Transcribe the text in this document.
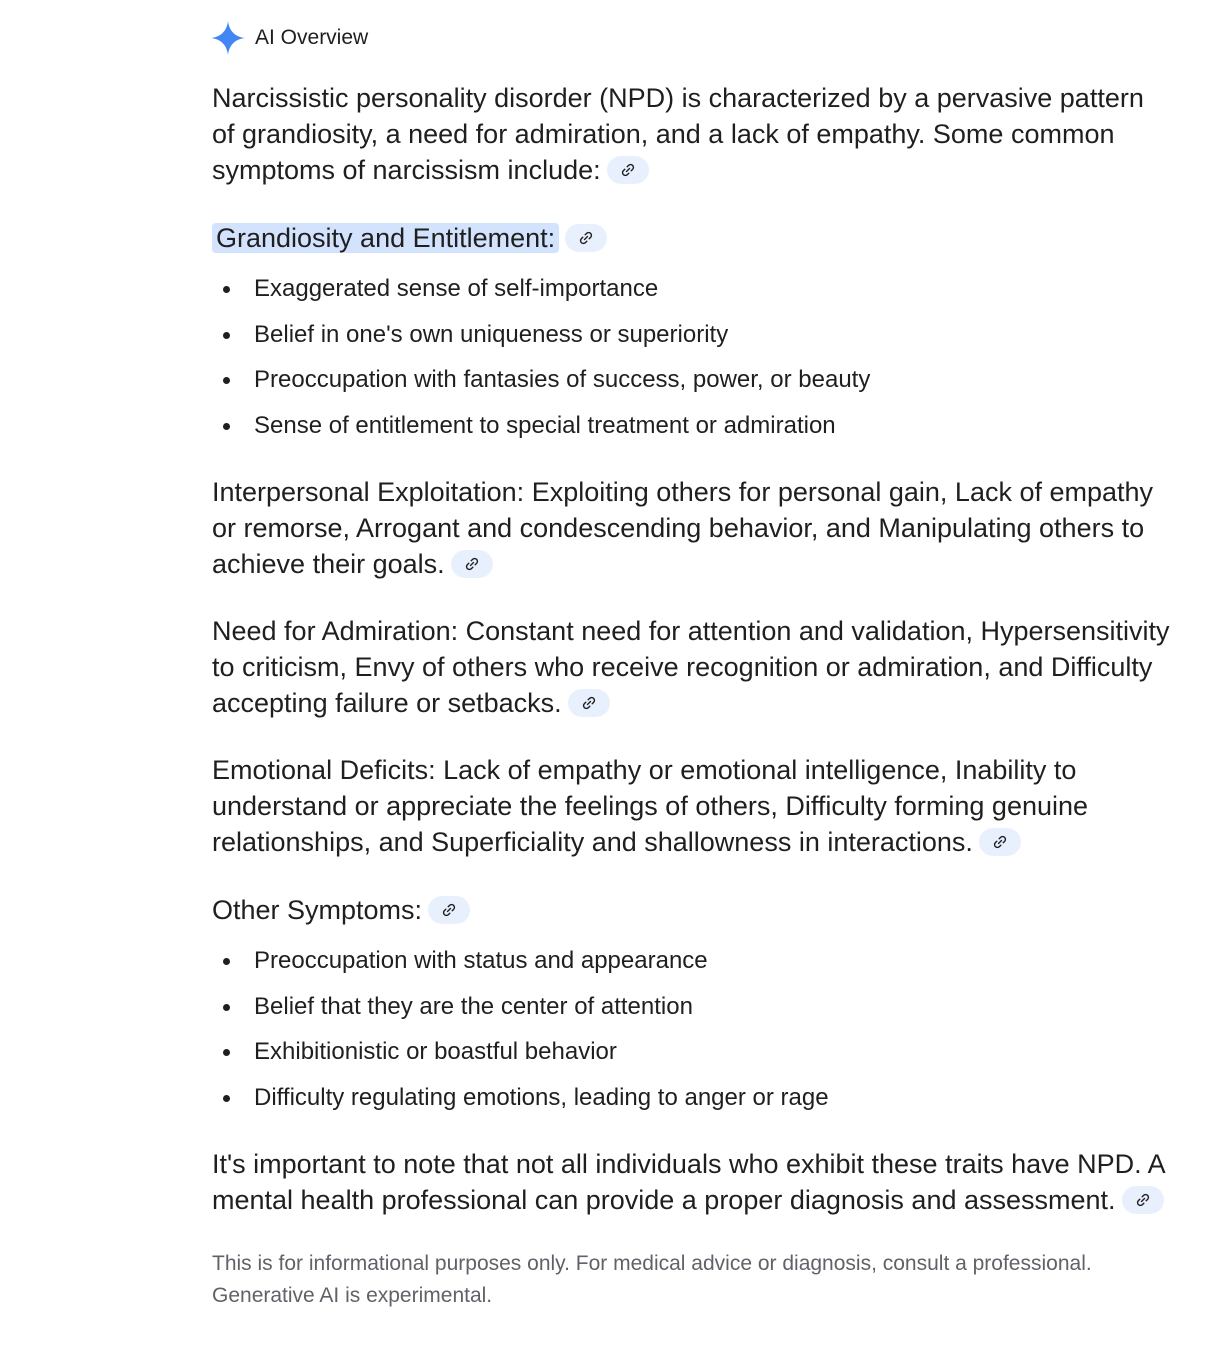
AI Overview

Narcissistic personality disorder (NPD) is characterized by a pervasive pattern of grandiosity, a need for admiration, and a lack of empathy. Some common symptoms of narcissism include:

Grandiosity and Entitlement:

Exaggerated sense of self-importance
Belief in one's own uniqueness or superiority
Preoccupation with fantasies of success, power, or beauty
Sense of entitlement to special treatment or admiration

Interpersonal Exploitation: Exploiting others for personal gain, Lack of empathy or remorse, Arrogant and condescending behavior, and Manipulating others to achieve their goals.

Need for Admiration: Constant need for attention and validation, Hypersensitivity to criticism, Envy of others who receive recognition or admiration, and Difficulty accepting failure or setbacks.

Emotional Deficits: Lack of empathy or emotional intelligence, Inability to understand or appreciate the feelings of others, Difficulty forming genuine relationships, and Superficiality and shallowness in interactions.

Other Symptoms:

Preoccupation with status and appearance
Belief that they are the center of attention
Exhibitionistic or boastful behavior
Difficulty regulating emotions, leading to anger or rage

It's important to note that not all individuals who exhibit these traits have NPD. A mental health professional can provide a proper diagnosis and assessment.

This is for informational purposes only. For medical advice or diagnosis, consult a professional.

Generative AI is experimental.
